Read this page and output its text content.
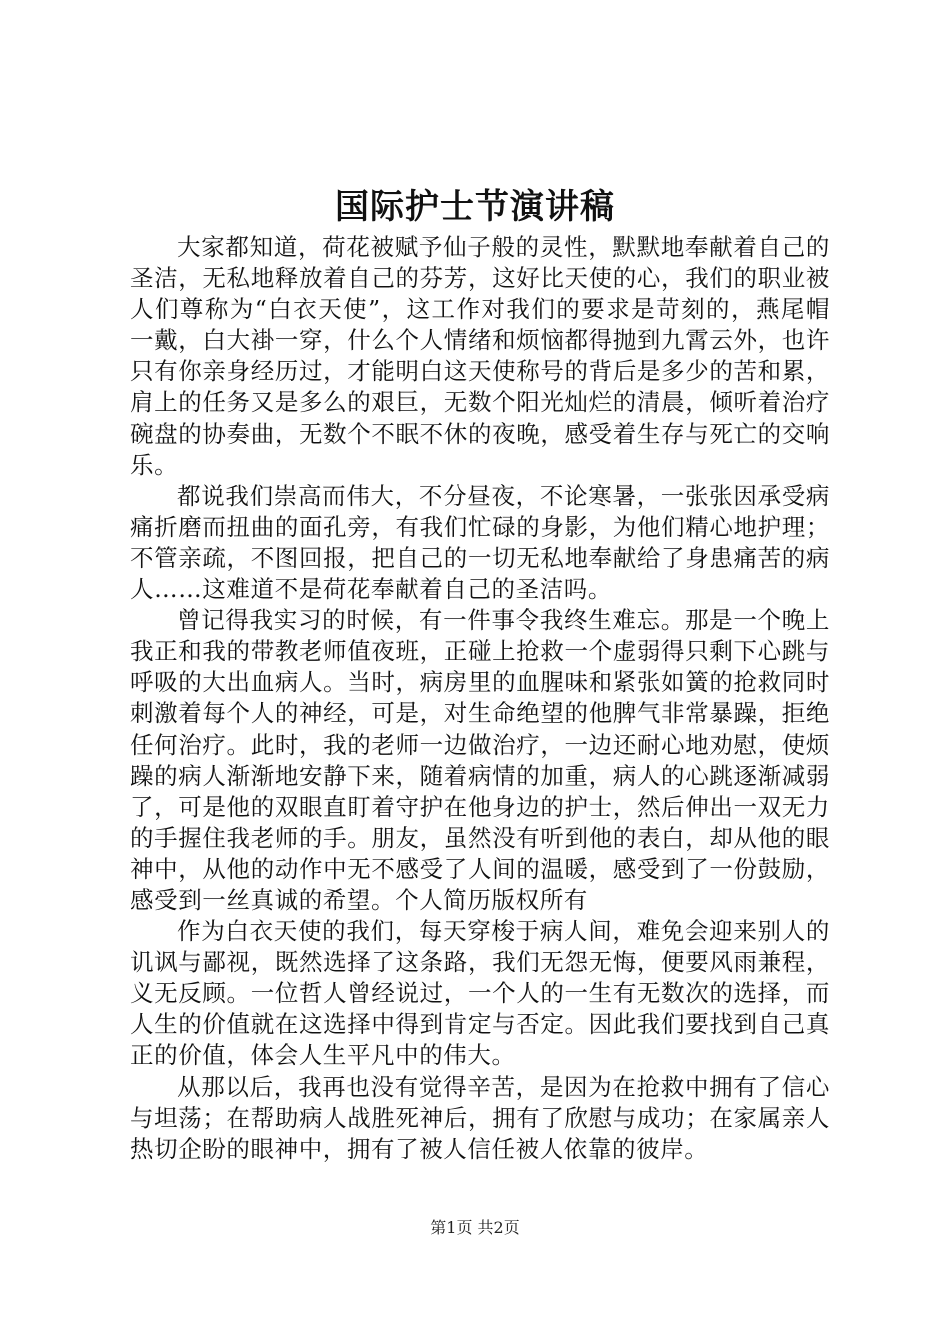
国际护士节演讲稿

大家都知道，荷花被赋予仙子般的灵性，默默地奉献着自己的圣洁，无私地释放着自己的芬芳，这好比天使的心，我们的职业被人们尊称为“白衣天使”，这工作对我们的要求是苛刻的，燕尾帽一戴，白大褂一穿，什么个人情绪和烦恼都得抛到九霄云外，也许只有你亲身经历过，才能明白这天使称号的背后是多少的苦和累，肩上的任务又是多么的艰巨，无数个阳光灿烂的清晨，倾听着治疗碗盘的协奏曲，无数个不眠不休的夜晚，感受着生存与死亡的交响乐。

都说我们崇高而伟大，不分昼夜，不论寒暑，一张张因承受病痛折磨而扭曲的面孔旁，有我们忙碌的身影，为他们精心地护理；不管亲疏，不图回报，把自己的一切无私地奉献给了身患痛苦的病人……这难道不是荷花奉献着自己的圣洁吗。

曾记得我实习的时候，有一件事令我终生难忘。那是一个晚上我正和我的带教老师值夜班，正碰上抢救一个虚弱得只剩下心跳与呼吸的大出血病人。当时，病房里的血腥味和紧张如簧的抢救同时刺激着每个人的神经，可是，对生命绝望的他脾气非常暴躁，拒绝任何治疗。此时，我的老师一边做治疗，一边还耐心地劝慰，使烦躁的病人渐渐地安静下来，随着病情的加重，病人的心跳逐渐减弱了，可是他的双眼直盯着守护在他身边的护士，然后伸出一双无力的手握住我老师的手。朋友，虽然没有听到他的表白，却从他的眼神中，从他的动作中无不感受了人间的温暖，感受到了一份鼓励，感受到一丝真诚的希望。个人简历版权所有

作为白衣天使的我们，每天穿梭于病人间，难免会迎来别人的讥讽与鄙视，既然选择了这条路，我们无怨无悔，便要风雨兼程，义无反顾。一位哲人曾经说过，一个人的一生有无数次的选择，而人生的价值就在这选择中得到肯定与否定。因此我们要找到自己真正的价值，体会人生平凡中的伟大。

从那以后，我再也没有觉得辛苦，是因为在抢救中拥有了信心与坦荡；在帮助病人战胜死神后，拥有了欣慰与成功；在家属亲人热切企盼的眼神中，拥有了被人信任被人依靠的彼岸。

第1页 共2页
